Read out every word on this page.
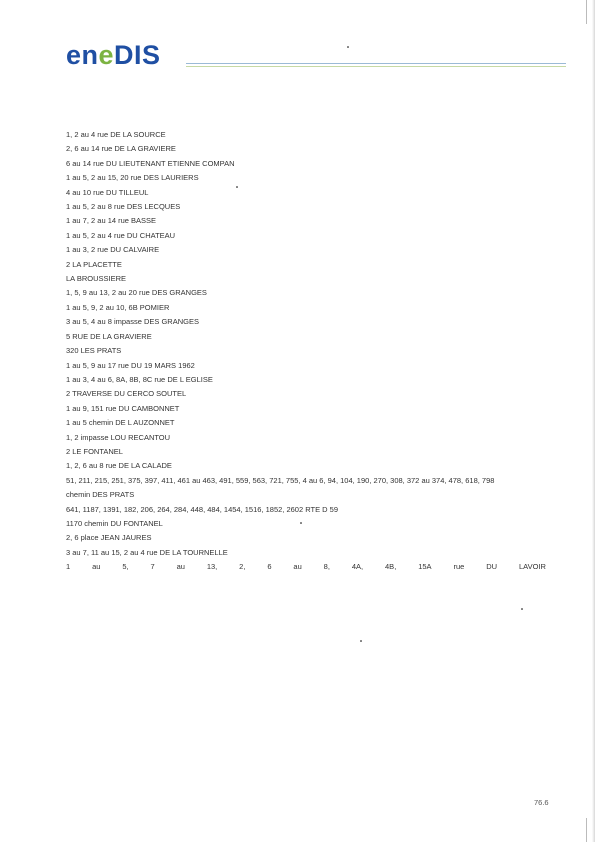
eneDIS
1, 2 au 4 rue DE LA SOURCE
2, 6 au 14 rue DE LA GRAVIERE
6 au 14 rue DU LIEUTENANT ETIENNE COMPAN
1 au 5, 2 au 15, 20 rue DES LAURIERS
4 au 10 rue DU TILLEUL
1 au 5, 2 au 8 rue DES LECQUES
1 au 7, 2 au 14 rue BASSE
1 au 5, 2 au 4 rue DU CHATEAU
1 au 3, 2 rue DU CALVAIRE
2 LA PLACETTE
LA BROUSSIERE
1, 5, 9 au 13, 2 au 20 rue DES GRANGES
1 au 5, 9, 2 au 10, 6B POMIER
3 au 5, 4 au 8 impasse DES GRANGES
5 RUE DE LA GRAVIERE
320 LES PRATS
1 au 5, 9 au 17 rue DU 19 MARS 1962
1 au 3, 4 au 6, 8A, 8B, 8C rue DE L EGLISE
2 TRAVERSE DU CERCO SOUTEL
1 au 9, 151 rue DU CAMBONNET
1 au 5 chemin DE L AUZONNET
1, 2 impasse LOU RECANTOU
2 LE FONTANEL
1, 2, 6 au 8 rue DE LA CALADE
51, 211, 215, 251, 375, 397, 411, 461 au 463, 491, 559, 563, 721, 755, 4 au 6, 94, 104, 190, 270, 308, 372 au 374, 478, 618, 798
chemin DES PRATS
641, 1187, 1391, 182, 206, 264, 284, 448, 484, 1454, 1516, 1852, 2602 RTE D 59
1170 chemin DU FONTANEL
2, 6 place JEAN JAURES
3 au 7, 11 au 15, 2 au 4 rue DE LA TOURNELLE
1	au	5,	7	au	13,	2,	6	au	8,	4A,	4B,	15A	rue	DU	LAVOIR
76.6
